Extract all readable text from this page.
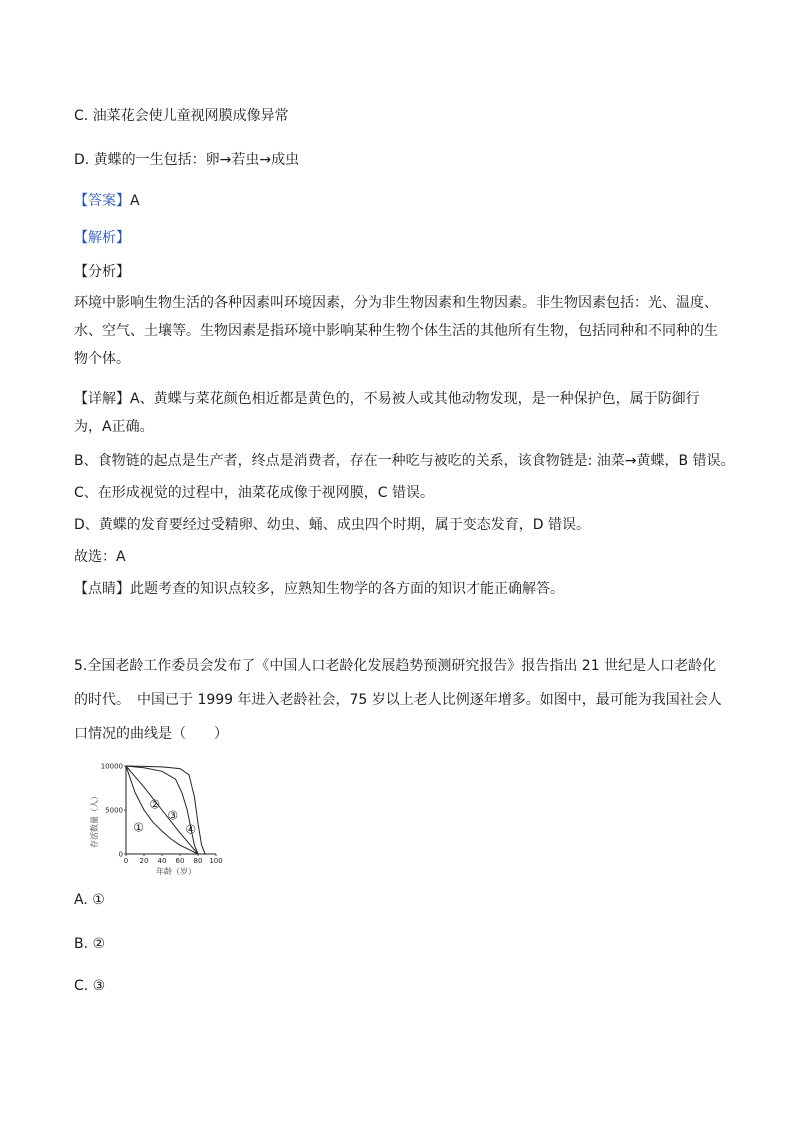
C. 油菜花会使儿童视网膜成像异常
D. 黄蝶的一生包括：卵→若虫→成虫
【答案】A
【解析】
【分析】
环境中影响生物生活的各种因素叫环境因素，分为非生物因素和生物因素。非生物因素包括：光、温度、水、空气、土壤等。生物因素是指环境中影响某种生物个体生活的其他所有生物，包括同种和不同种的生物个体。
【详解】A、黄蝶与菜花颜色相近都是黄色的，不易被人或其他动物发现，是一种保护色，属于防御行为，A正确。
B、食物链的起点是生产者，终点是消费者，存在一种吃与被吃的关系，该食物链是: 油菜→黄蝶，B 错误。
C、在形成视觉的过程中，油菜花成像于视网膜，C 错误。
D、黄蝶的发育要经过受精卵、幼虫、蛹、成虫四个时期，属于变态发育，D 错误。
故选：A
【点睛】此题考查的知识点较多，应熟知生物学的各方面的知识才能正确解答。
5.全国老龄工作委员会发布了《中国人口老龄化发展趋势预测研究报告》报告指出 21 世纪是人口老龄化的时代。　中国已于 1999 年进入老龄社会，75 岁以上老人比例逐年增多。如图中，最可能为我国社会人口情况的曲线是（　　）
存活数量（人）
年龄（岁）
0 20 40 60 80 100
0
5000
10000
①
②
③
④
A. ①
B. ②
C. ③
